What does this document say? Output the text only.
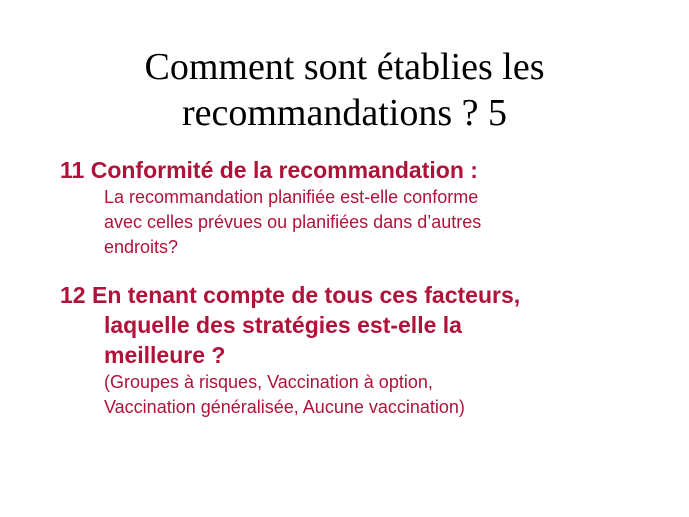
Comment sont établies les
recommandations ? 5
11 Conformité de la recommandation :
La recommandation planifiée est-elle conforme
avec celles prévues ou planifiées dans d’autres
endroits?
12 En tenant compte de tous ces facteurs,
laquelle des stratégies est-elle la
meilleure ?
(Groupes à risques, Vaccination à option,
Vaccination généralisée, Aucune vaccination)
